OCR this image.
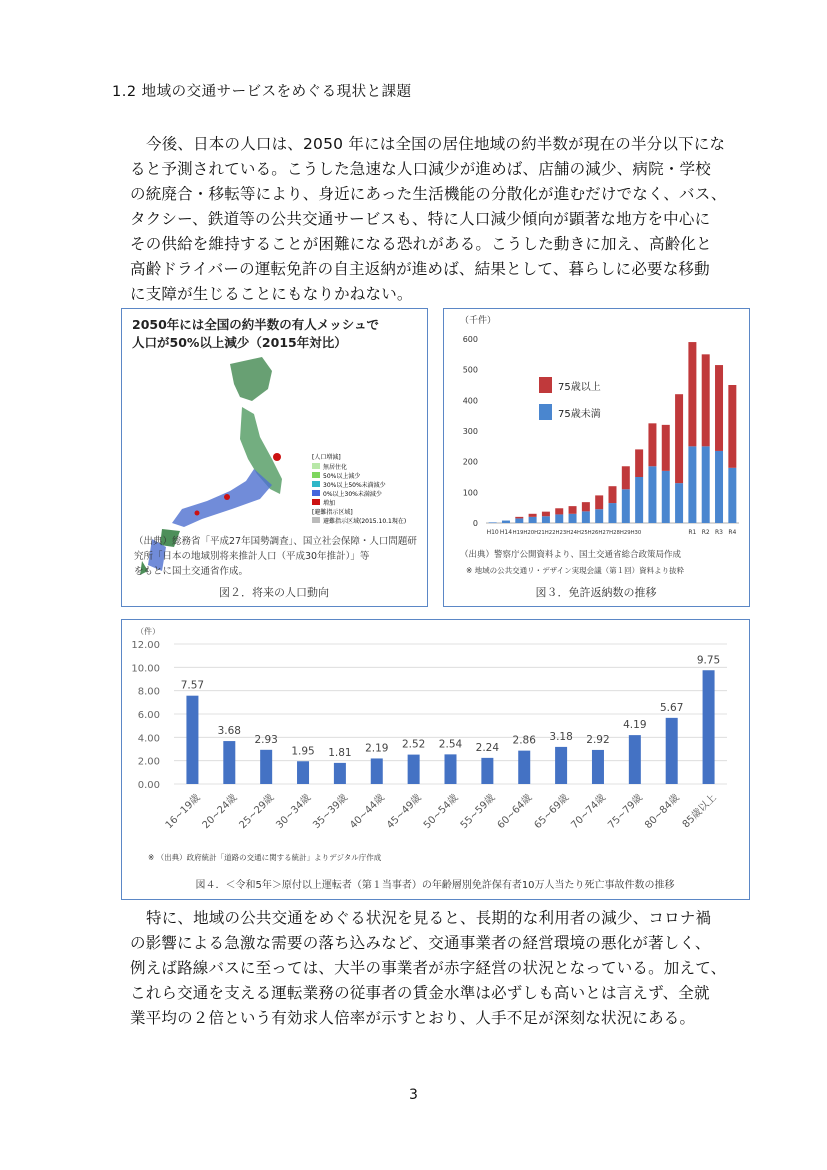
1.2 地域の交通サービスをめぐる現状と課題
今後、日本の人口は、2050 年には全国の居住地域の約半数が現在の半分以下にな
ると予測されている。こうした急速な人口減少が進めば、店舗の減少、病院・学校
の統廃合・移転等により、身近にあった生活機能の分散化が進むだけでなく、バス、
タクシー、鉄道等の公共交通サービスも、特に人口減少傾向が顕著な地方を中心に
その供給を維持することが困難になる恐れがある。こうした動きに加え、高齢化と
高齢ドライバーの運転免許の自主返納が進めば、結果として、暮らしに必要な移動
に支障が生じることにもなりかねない。
2050年には全国の約半数の有人メッシュで
人口が50%以上減少（2015年対比）
[人口増減]
無居住化
50%以上減少
30%以上50%未満減少
0%以上30%未満減少
増加
[避難指示区域]
避難指示区域(2015.10.1現在)
（出典）総務省「平成27年国勢調査」、国立社会保障・人口問題研
究所「日本の地域別将来推計人口（平成30年推計）」等
をもとに国土交通省作成。
図２．将来の人口動向
（千件）
0
100
200
300
400
500
600
H10 H14 H19H20H21H22H23H24H25H26H27H28H29H30	R1 R2 R3 R4
75歳以上
75歳未満
（出典）警察庁公開資料より、国土交通省総合政策局作成
※ 地域の公共交通リ・デザイン実現会議（第１回）資料より抜粋
図３．免許返納数の推移
（件）
0.00
2.00
4.00
6.00
8.00
10.00
12.00
7.57
16~19歳
3.68
20~24歳
2.93
25~29歳
1.95
30~34歳
1.81
35~39歳
2.19
40~44歳
2.52
45~49歳
2.54
50~54歳
2.24
55~59歳
2.86
60~64歳
3.18
65~69歳
2.92
70~74歳
4.19
75~79歳
5.67
80~84歳
9.75
85歳以上
※ （出典）政府統計「道路の交通に関する統計」よりデジタル庁作成
図４．＜令和5年＞原付以上運転者（第１当事者）の年齢層別免許保有者10万人当たり死亡事故件数の推移
特に、地域の公共交通をめぐる状況を見ると、長期的な利用者の減少、コロナ禍
の影響による急激な需要の落ち込みなど、交通事業者の経営環境の悪化が著しく、
例えば路線バスに至っては、大半の事業者が赤字経営の状況となっている。加えて、
これら交通を支える運転業務の従事者の賃金水準は必ずしも高いとは言えず、全就
業平均の２倍という有効求人倍率が示すとおり、人手不足が深刻な状況にある。
3
